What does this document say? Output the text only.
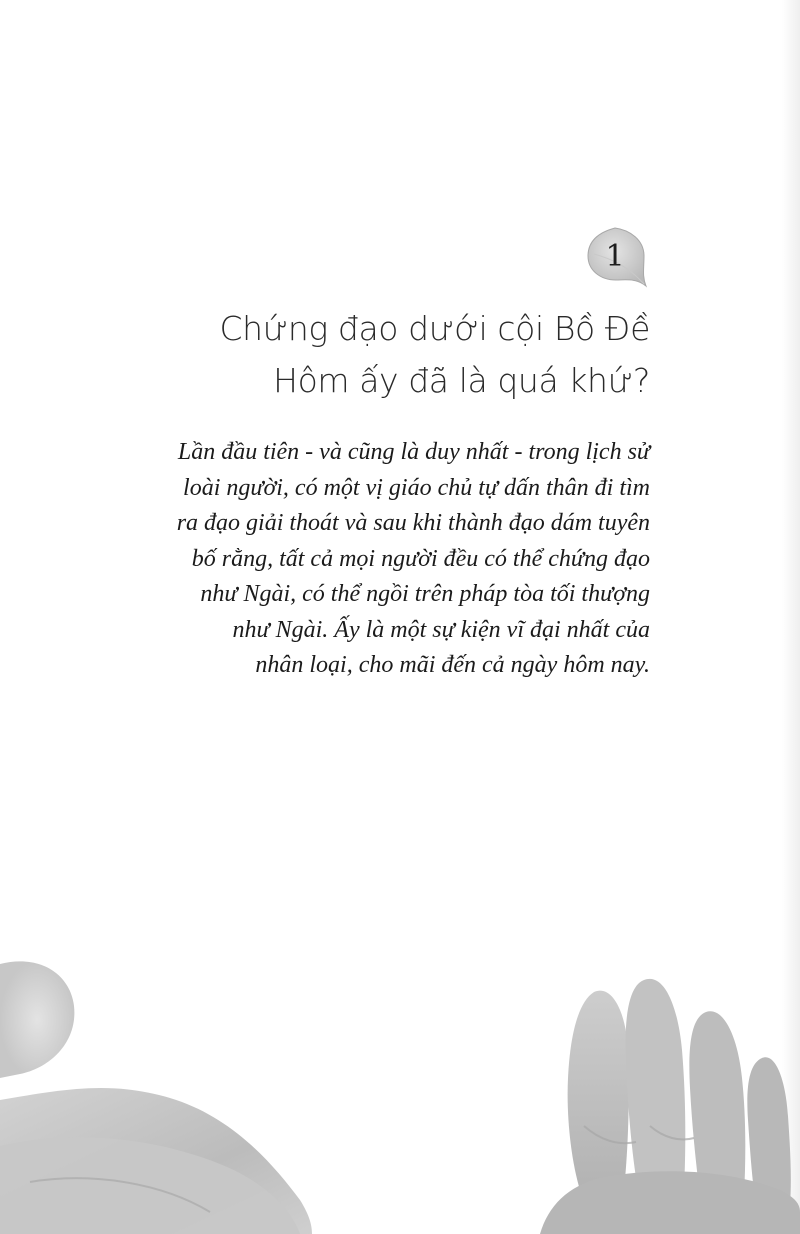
1
Chứng đạo dưới cội Bồ Đề
Hôm ấy đã là quá khứ?
Lần đầu tiên - và cũng là duy nhất - trong lịch sử
loài người, có một vị giáo chủ tự dấn thân đi tìm
ra đạo giải thoát và sau khi thành đạo dám tuyên
bố rằng, tất cả mọi người đều có thể chứng đạo
như Ngài, có thể ngồi trên pháp tòa tối thượng
như Ngài. Ấy là một sự kiện vĩ đại nhất của
nhân loại, cho mãi đến cả ngày hôm nay.
